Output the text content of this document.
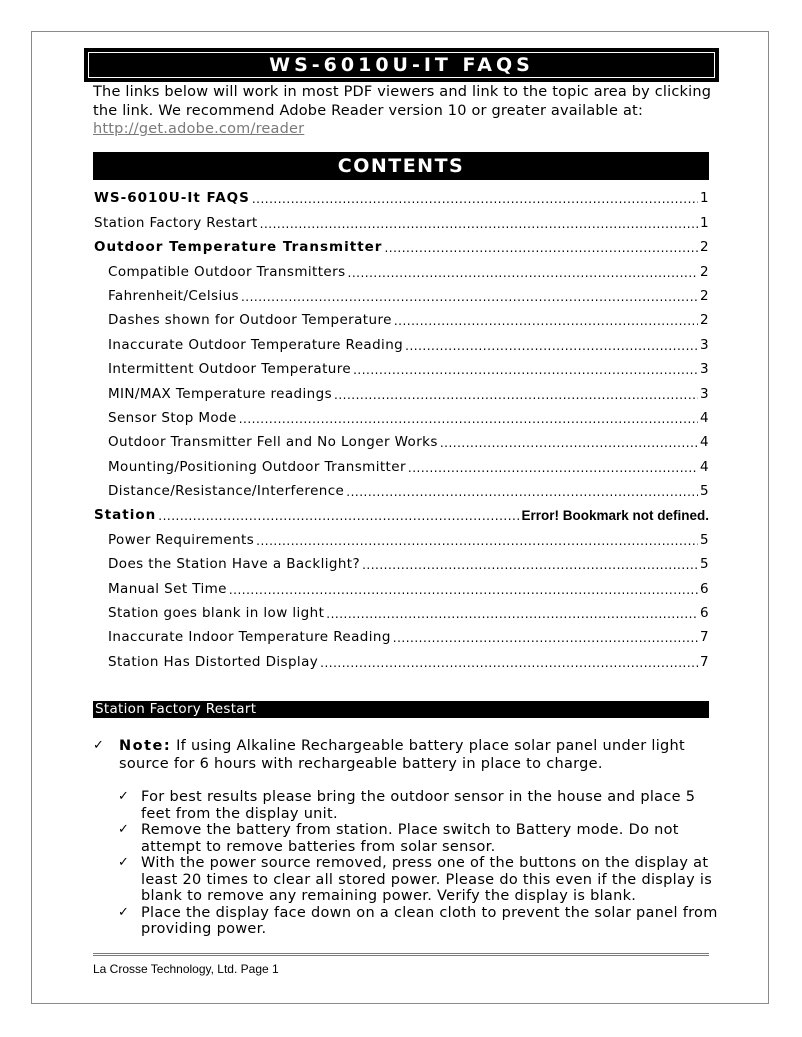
WS-6010U-IT FAQS
The links below will work in most PDF viewers and link to the topic area by clicking the link. We recommend Adobe Reader version 10 or greater available at:
http://get.adobe.com/reader
CONTENTS
WS-6010U-It FAQS .....	1
Station Factory Restart .....	1
Outdoor Temperature Transmitter .....	2
Compatible Outdoor Transmitters .....	2
Fahrenheit/Celsius .....	2
Dashes shown for Outdoor Temperature .....	2
Inaccurate Outdoor Temperature Reading .....	3
Intermittent Outdoor Temperature .....	3
MIN/MAX Temperature readings .....	3
Sensor Stop Mode .....	4
Outdoor Transmitter Fell and No Longer Works .....	4
Mounting/Positioning Outdoor Transmitter .....	4
Distance/Resistance/Interference .....	5
Station .....	Error! Bookmark not defined.
Power Requirements .....	5
Does the Station Have a Backlight? .....	5
Manual Set Time .....	6
Station goes blank in low light .....	6
Inaccurate Indoor Temperature Reading .....	7
Station Has Distorted Display .....	7
Station Factory Restart
✓	Note: If using Alkaline Rechargeable battery place solar panel under light source for 6 hours with rechargeable battery in place to charge.
✓ For best results please bring the outdoor sensor in the house and place 5 feet from the display unit.
✓ Remove the battery from station. Place switch to Battery mode. Do not attempt to remove batteries from solar sensor.
✓ With the power source removed, press one of the buttons on the display at least 20 times to clear all stored power. Please do this even if the display is blank to remove any remaining power. Verify the display is blank.
✓ Place the display face down on a clean cloth to prevent the solar panel from providing power.
La Crosse Technology, Ltd. Page 1
